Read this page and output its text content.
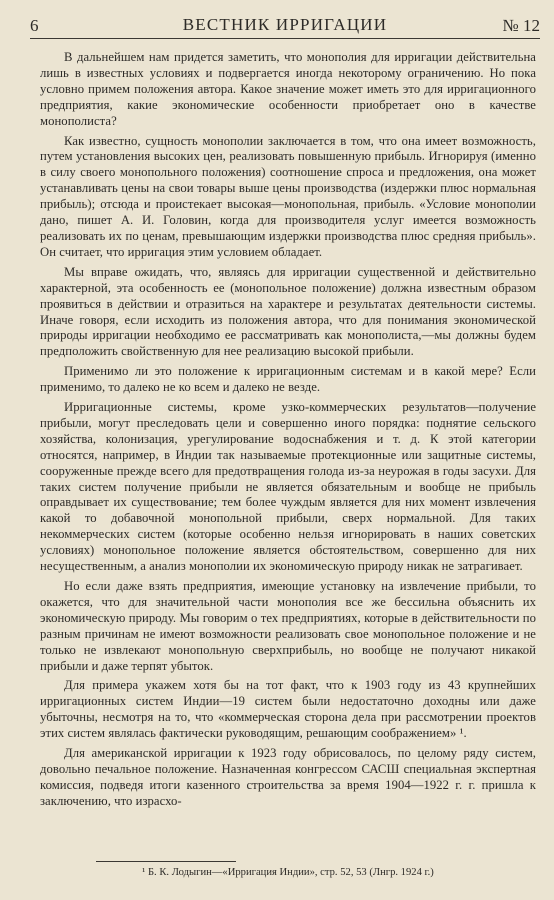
6	ВЕСТНИК ИРРИГАЦИИ	№ 12

В дальнейшем нам придется заметить, что монополия для ирригации действительна лишь в известных условиях и подвергается иногда некоторому ограничению. Но пока условно примем положения автора. Какое значение может иметь это для ирригационного предприятия, какие экономические особенности приобретает оно в качестве монополиста?

Как известно, сущность монополии заключается в том, что она имеет возможность, путем установления высоких цен, реализовать повышенную прибыль. Игнорируя (именно в силу своего монопольного положения) соотношение спроса и предложения, она может устанавливать цены на свои товары выше цены производства (издержки плюс нормальная прибыль); отсюда и проистекает высокая—монопольная, прибыль. «Условие монополии дано, пишет А. И. Головин, когда для производителя услуг имеется возможность реализовать их по ценам, превышающим издержки производства плюс средняя прибыль». Он считает, что ирригация этим условием обладает.

Мы вправе ожидать, что, являясь для ирригации существенной и действительно характерной, эта особенность ее (монопольное положение) должна известным образом проявиться в действии и отразиться на характере и результатах деятельности системы. Иначе говоря, если исходить из положения автора, что для понимания экономической природы ирригации необходимо ее рассматривать как монополиста,—мы должны будем предположить свойственную для нее реализацию высокой прибыли.

Применимо ли это положение к ирригационным системам и в какой мере? Если применимо, то далеко не ко всем и далеко не везде.

Ирригационные системы, кроме узко-коммерческих результатов—получение прибыли, могут преследовать цели и совершенно иного порядка: поднятие сельского хозяйства, колонизация, урегулирование водоснабжения и т. д. К этой категории относятся, например, в Индии так называемые протекционные или защитные системы, сооруженные прежде всего для предотвращения голода из-за неурожая в годы засухи. Для таких систем получение прибыли не является обязательным и вообще не прибыль оправдывает их существование; тем более чуждым является для них момент извлечения какой то добавочной монопольной прибыли, сверх нормальной. Для таких некоммерческих систем (которые особенно нельзя игнорировать в наших советских условиях) монопольное положение является обстоятельством, совершенно для них несущественным, а анализ монополии их экономическую природу никак не затрагивает.

Но если даже взять предприятия, имеющие установку на извлечение прибыли, то окажется, что для значительной части монополия все же бессильна объяснить их экономическую природу. Мы говорим о тех предприятиях, которые в действительности по разным причинам не имеют возможности реализовать свое монопольное положение и не только не извлекают монопольную сверхприбыль, но вообще не получают никакой прибыли и даже терпят убыток.

Для примера укажем хотя бы на тот факт, что к 1903 году из 43 крупнейших ирригационных систем Индии—19 систем были недостаточно доходны или даже убыточны, несмотря на то, что «коммерческая сторона дела при рассмотрении проектов этих систем являлась фактически руководящим, решающим соображением» ¹.

Для американской ирригации к 1923 году обрисовалось, по целому ряду систем, довольно печальное положение. Назначенная конгрессом САСШ специальная экспертная комиссия, подведя итоги казенного строительства за время 1904—1922 г. г. пришла к заключению, что израсхо-

¹ Б. К. Лодыгин—«Ирригация Индии», стр. 52, 53 (Лнгр. 1924 г.)
